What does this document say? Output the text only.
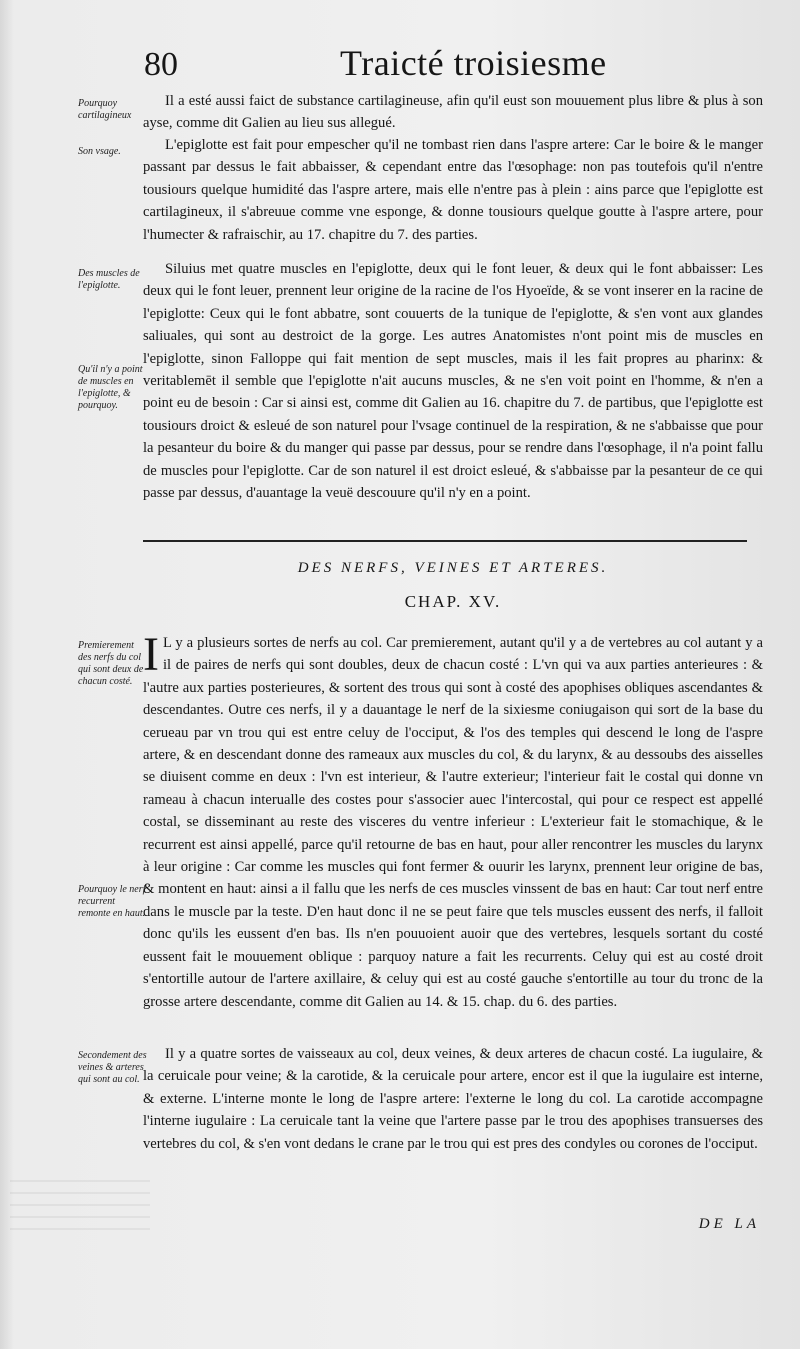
80	Traicté troisiesme
Pourquoy cartilagineux
Son vsage.
Des muscles de l'epiglotte.
Qu'il n'y a point de muscles en l'epiglotte, & pourquoy.
Premierement des nerfs du col qui sont deux de chacun costé.
Pourquoy le nerf recurrent remonte en haut.
Secondement des veines & arteres qui sont au col.
Il a esté aussi faict de substance cartilagineuse, afin qu'il eust son mouuement plus libre & plus à son ayse, comme dit Galien au lieu sus allegué.
L'epiglotte est fait pour empescher qu'il ne tombast rien dans l'aspre artere: Car le boire & le manger passant par dessus le fait abbaisser, & cependant entre das l'œsophage: non pas toutefois qu'il n'entre tousiours quelque humidité das l'aspre artere, mais elle n'entre pas à plein : ains parce que l'epiglotte est cartilagineux, il s'abreuue comme vne esponge, & donne tousiours quelque goutte à l'aspre artere, pour l'humecter & rafraischir, au 17. chapitre du 7. des parties.
Siluius met quatre muscles en l'epiglotte, deux qui le font leuer, & deux qui le font abbaisser: Les deux qui le font leuer, prennent leur origine de la racine de l'os Hyoeïde, & se vont inserer en la racine de l'epiglotte: Ceux qui le font abbatre, sont couuerts de la tunique de l'epiglotte, & s'en vont aux glandes saliuales, qui sont au destroict de la gorge. Les autres Anatomistes n'ont point mis de muscles en l'epiglotte, sinon Falloppe qui fait mention de sept muscles, mais il les fait propres au pharinx: & veritablemēt il semble que l'epiglotte n'ait aucuns muscles, & ne s'en voit point en l'homme, & n'en a point eu de besoin : Car si ainsi est, comme dit Galien au 16. chapitre du 7. de partibus, que l'epiglotte est tousiours droict & esleué de son naturel pour l'vsage continuel de la respiration, & ne s'abbaisse que pour la pesanteur du boire & du manger qui passe par dessus, pour se rendre dans l'œsophage, il n'a point fallu de muscles pour l'epiglotte. Car de son naturel il est droict esleué, & s'abbaisse par la pesanteur de ce qui passe par dessus, d'auantage la veuë descouure qu'il n'y en a point.
DES NERFS, VEINES ET ARTERES.
CHAP. XV.
I L y a plusieurs sortes de nerfs au col. Car premierement, autant qu'il y a de vertebres au col autant y a il de paires de nerfs qui sont doubles, deux de chacun costé : L'vn qui va aux parties anterieures : & l'autre aux parties posterieures, & sortent des trous qui sont à costé des apophises obliques ascendantes & descendantes. Outre ces nerfs, il y a dauantage le nerf de la sixiesme coniugaison qui sort de la base du cerueau par vn trou qui est entre celuy de l'occiput, & l'os des temples qui descend le long de l'aspre artere, & en descendant donne des rameaux aux muscles du col, & du larynx, & au dessoubs des aisselles se diuisent comme en deux : l'vn est interieur, & l'autre exterieur; l'interieur fait le costal qui donne vn rameau à chacun interualle des costes pour s'associer auec l'intercostal, qui pour ce respect est appellé costal, se disseminant au reste des visceres du ventre inferieur : L'exterieur fait le stomachique, & le recurrent est ainsi appellé, parce qu'il retourne de bas en haut, pour aller rencontrer les muscles du larynx à leur origine : Car comme les muscles qui font fermer & ouurir les larynx, prennent leur origine de bas, & montent en haut: ainsi a il fallu que les nerfs de ces muscles vinssent de bas en haut: Car tout nerf entre dans le muscle par la teste. D'en haut donc il ne se peut faire que tels muscles eussent des nerfs, il falloit donc qu'ils les eussent d'en bas. Ils n'en pouuoient auoir que des vertebres, lesquels sortant du costé eussent fait le mouuement oblique : parquoy nature a fait les recurrents. Celuy qui est au costé droit s'entortille autour de l'artere axillaire, & celuy qui est au costé gauche s'entortille au tour du tronc de la grosse artere descendante, comme dit Galien au 14. & 15. chap. du 6. des parties.
Il y a quatre sortes de vaisseaux au col, deux veines, & deux arteres de chacun costé. La iugulaire, & la ceruicale pour veine; & la carotide, & la ceruicale pour artere, encor est il que la iugulaire est interne, & externe. L'interne monte le long de l'aspre artere: l'externe le long du col. La carotide accompagne l'interne iugulaire : La ceruicale tant la veine que l'artere passe par le trou des apophises transuerses des vertebres du col, & s'en vont dedans le crane par le trou qui est pres des condyles ou corones de l'occiput.
DE LA
